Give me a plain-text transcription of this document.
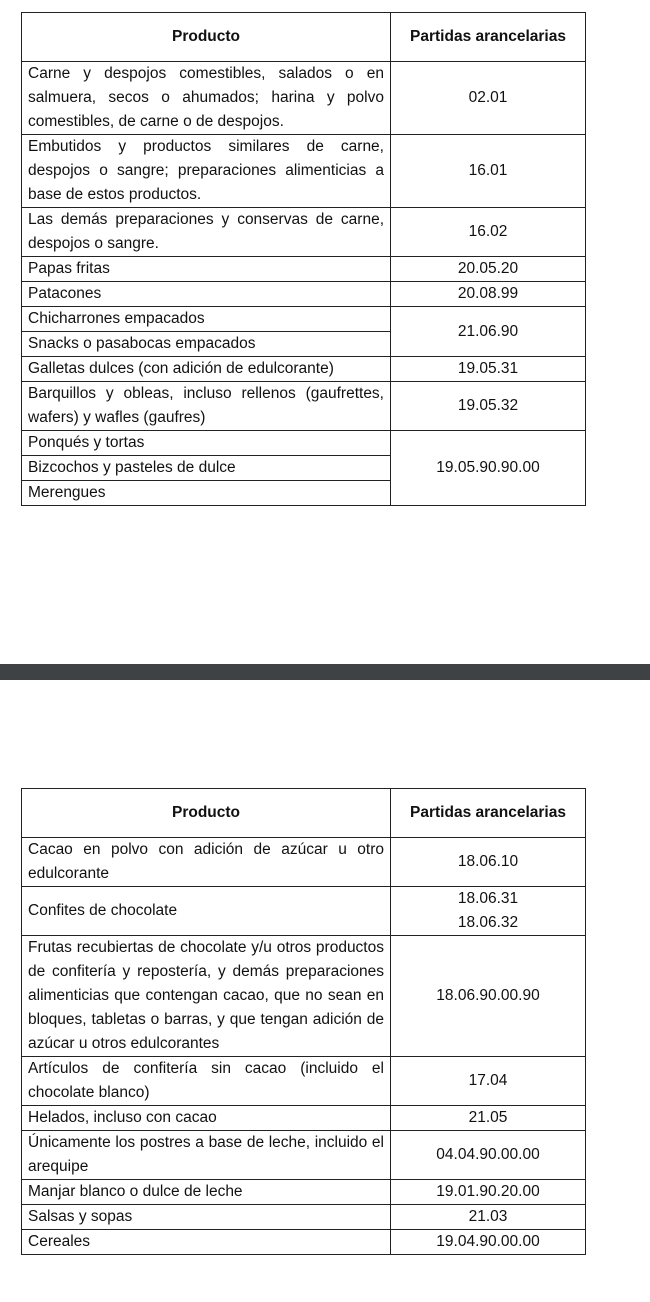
Producto	Partidas arancelarias
Carne y despojos comestibles, salados o en salmuera, secos o ahumados; harina y polvo comestibles, de carne o de despojos.	02.01
Embutidos y productos similares de carne, despojos o sangre; preparaciones alimenticias a base de estos productos.	16.01
Las demás preparaciones y conservas de carne, despojos o sangre.	16.02
Papas fritas	20.05.20
Patacones	20.08.99
Chicharrones empacados	21.06.90
Snacks o pasabocas empacados	
Galletas dulces (con adición de edulcorante)	19.05.31
Barquillos y obleas, incluso rellenos (gaufrettes, wafers) y wafles (gaufres)	19.05.32
Ponqués y tortas	19.05.90.90.00
Bizcochos y pasteles de dulce	
Merengues	
Producto	Partidas arancelarias
Cacao en polvo con adición de azúcar u otro edulcorante	18.06.10
Confites de chocolate	18.06.31
18.06.32

Frutas recubiertas de chocolate y/u otros productos de confitería y repostería, y demás preparaciones alimenticias que contengan cacao, que no sean en bloques, tabletas o barras, y que tengan adición de azúcar u otros edulcorantes	18.06.90.00.90
Artículos de confitería sin cacao (incluido el chocolate blanco)	17.04
Helados, incluso con cacao	21.05
Únicamente los postres a base de leche, incluido el arequipe	04.04.90.00.00
Manjar blanco o dulce de leche	19.01.90.20.00
Salsas y sopas	21.03
Cereales	19.04.90.00.00
